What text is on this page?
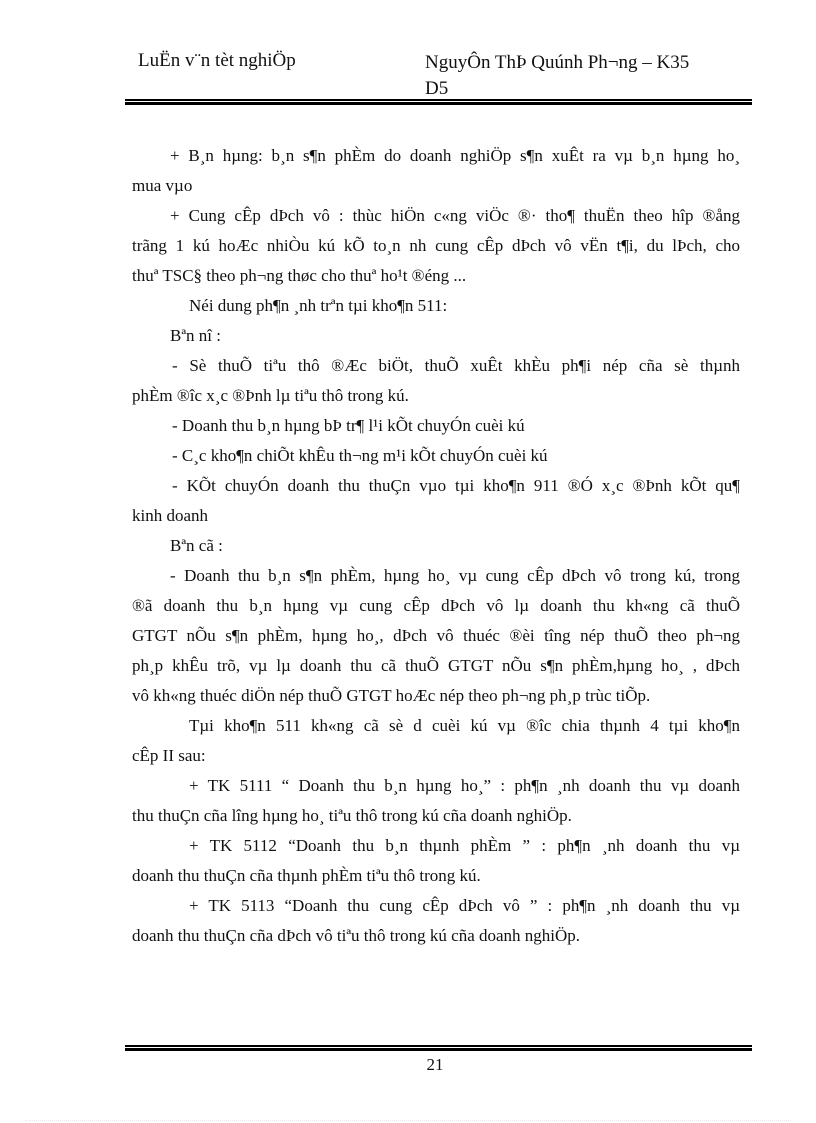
LuËn v¨n tèt nghiÖp	NguyÔn ThÞ Quúnh Ph¬ng – K35
D5
+ B¸n hµng: b¸n s¶n phÈm do doanh nghiÖp s¶n xuÊt ra vµ b¸n hµng ho¸
mua vµo
+ Cung cÊp dÞch vô : thùc hiÖn c«ng viÖc ®· tho¶ thuËn theo hîp ®ång
trãng 1 kú hoÆc nhiÒu kú kÕ to¸n nh cung cÊp dÞch vô vËn t¶i, du lÞch, cho
thuª TSC§ theo ph¬ng thøc cho thuª ho¹t ®éng ...
Néi dung ph¶n ¸nh trªn tµi kho¶n 511:
Bªn nî :
- Sè thuÕ tiªu thô ®Æc biÖt, thuÕ xuÊt khÈu ph¶i nép cña sè thµnh
phÈm ®îc x¸c ®Þnh lµ tiªu thô trong kú.
- Doanh thu b¸n hµng bÞ tr¶ l¹i kÕt chuyÓn cuèi kú
- C¸c kho¶n chiÕt khÊu th¬ng m¹i kÕt chuyÓn cuèi kú
- KÕt chuyÓn doanh thu thuÇn vµo tµi kho¶n 911 ®Ó x¸c ®Þnh kÕt qu¶
kinh doanh
Bªn cã :
- Doanh thu b¸n s¶n phÈm, hµng ho¸ vµ cung cÊp dÞch vô trong kú, trong
®ã doanh thu b¸n hµng vµ cung cÊp dÞch vô lµ doanh thu kh«ng cã thuÕ
GTGT nÕu s¶n phÈm, hµng ho¸, dÞch vô thuéc ®èi tîng nép thuÕ theo ph¬ng
ph¸p khÊu trõ, vµ lµ doanh thu cã thuÕ GTGT nÕu s¶n phÈm,hµng ho¸ , dÞch
vô kh«ng thuéc diÖn nép thuÕ GTGT hoÆc nép theo ph¬ng ph¸p trùc tiÕp.
Tµi kho¶n 511 kh«ng cã sè d cuèi kú vµ ®îc chia thµnh 4 tµi kho¶n
cÊp II sau:
+ TK 5111 “ Doanh thu b¸n hµng ho¸” : ph¶n ¸nh doanh thu vµ doanh
thu thuÇn cña lîng hµng ho¸ tiªu thô trong kú cña doanh nghiÖp.
+ TK 5112 “Doanh thu b¸n thµnh phÈm ” : ph¶n ¸nh doanh thu vµ
doanh thu thuÇn cña thµnh phÈm tiªu thô trong kú.
+ TK 5113 “Doanh thu cung cÊp dÞch vô ” : ph¶n ¸nh doanh thu vµ
doanh thu thuÇn cña dÞch vô tiªu thô trong kú cña doanh nghiÖp.
21
